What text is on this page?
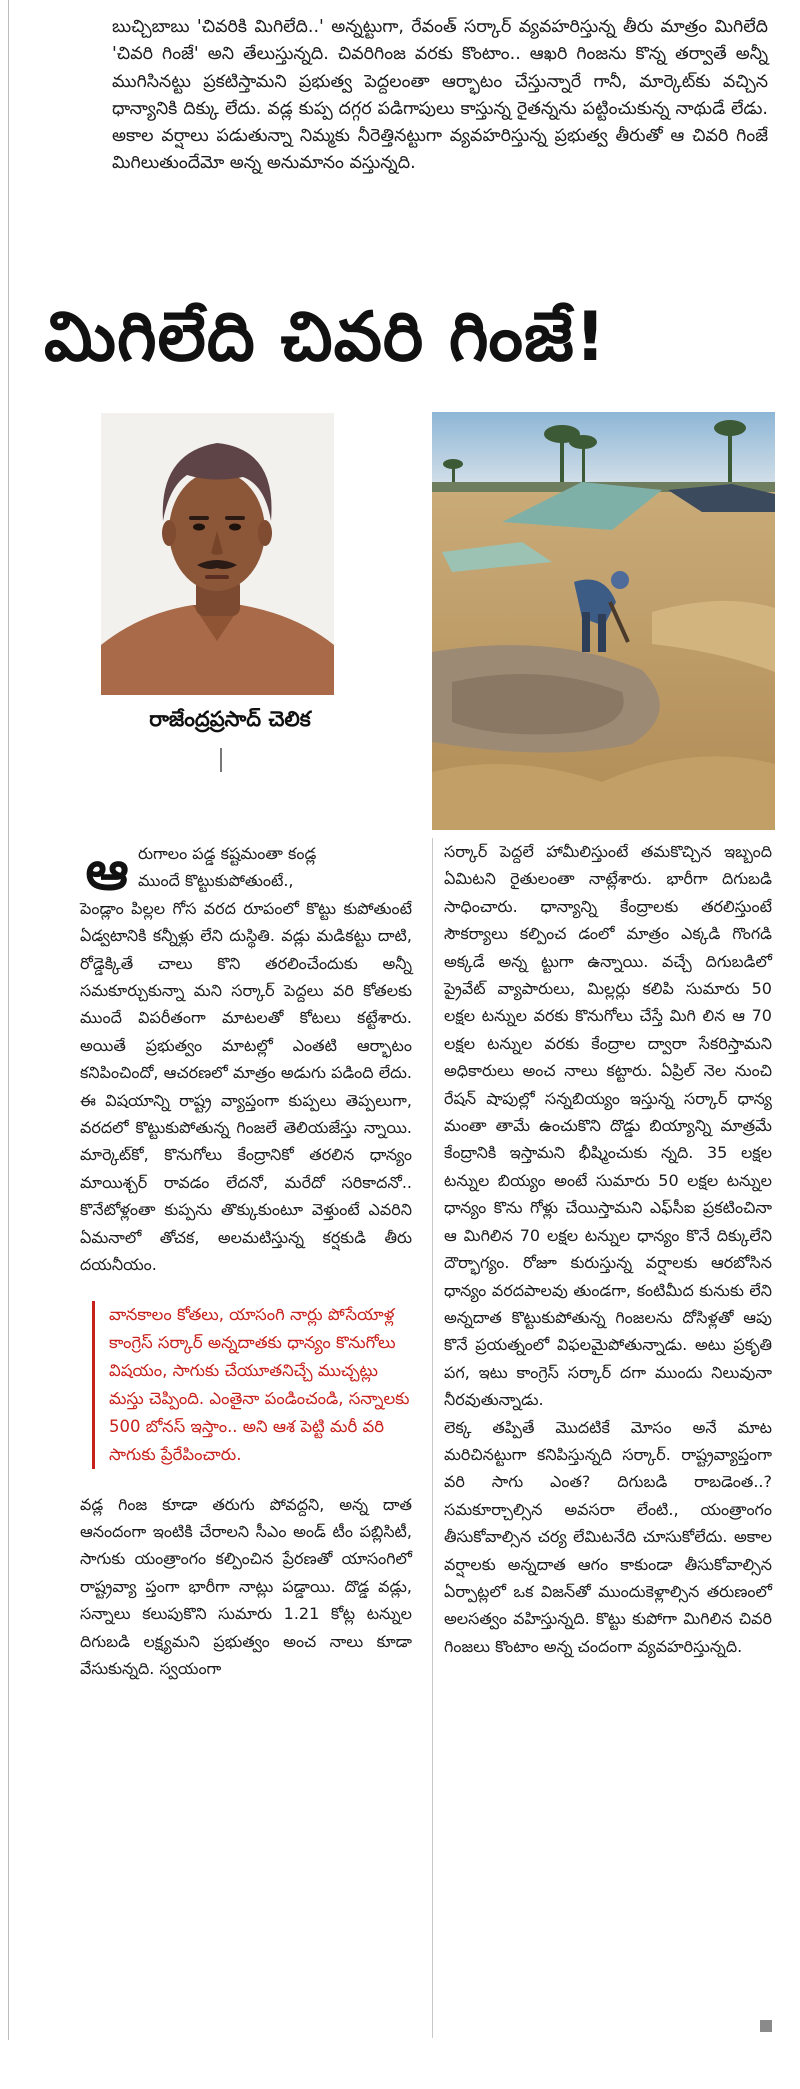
బుచ్చిబాబు 'చివరికి మిగిలేది..' అన్నట్టుగా, రేవంత్ సర్కార్ వ్యవహరిస్తున్న తీరు మాత్రం మిగిలేది 'చివరి గింజే' అని తేలుస్తున్నది. చివరిగింజ వరకు కొంటాం.. ఆఖరి గింజను కొన్న తర్వాతే అన్నీ ముగిసినట్టు ప్రకటిస్తామని ప్రభుత్వ పెద్దలంతా ఆర్భాటం చేస్తున్నారే గానీ, మార్కెట్‌కు వచ్చిన ధాన్యానికి దిక్కు లేదు. వడ్ల కుప్ప దగ్గర పడిగాపులు కాస్తున్న రైతన్నను పట్టించుకున్న నాథుడే లేడు. అకాల వర్షాలు పడుతున్నా నిమ్మకు నీరెత్తినట్టుగా వ్యవహరిస్తున్న ప్రభుత్వ తీరుతో ఆ చివరి గింజే మిగిలుతుందేమో అన్న అనుమానం వస్తున్నది.
మిగిలేది చివరి గింజే!
రాజేంద్రప్రసాద్ చెలిక
ఆ రుగాలం పడ్డ కష్టమంతా కండ్ల
ముందే కొట్టుకుపోతుంటే.,

పెండ్లాం పిల్లల గోస వరద రూపంలో కొట్టు కుపోతుంటే ఏడ్వటానికి కన్నీళ్లు లేని దుస్థితి. వడ్లు మడికట్టు దాటి, రోడ్డెక్కితే చాలు కొని తరలించేందుకు అన్నీ సమకూర్చుకున్నా మని సర్కార్ పెద్దలు వరి కోతలకు ముందే విపరీతంగా మాటలతో కోటలు కట్టేశారు. అయితే ప్రభుత్వం మాటల్లో ఎంతటి ఆర్భాటం కనిపించిందో, ఆచరణలో మాత్రం అడుగు పడింది లేదు. ఈ విషయాన్ని రాష్ట్ర వ్యాప్తంగా కుప్పలు తెప్పలుగా, వరదలో కొట్టుకుపోతున్న గింజలే తెలియజేస్తు న్నాయి. మార్కెట్‌కో, కొనుగోలు కేంద్రానికో తరలిన ధాన్యం మాయిశ్చర్ రావడం లేదనో, మరేదో సరికాదనో.. కొనేటోళ్లంతా కుప్పను తొక్కుకుంటూ వెళ్తుంటే ఎవరిని ఏమనాలో తోచక, అలమటిస్తున్న కర్షకుడి తీరు దయనీయం.

వానకాలం కోతలు, యాసంగి నార్లు పోసేయాళ్ల కాంగ్రెస్ సర్కార్ అన్నదాతకు ధాన్యం కొనుగోలు విషయం, సాగుకు చేయూతనిచ్చే ముచ్చట్లు మస్తు చెప్పింది. ఎంతైనా పండించండి, సన్నాలకు 500 బోనస్ ఇస్తాం.. అని ఆశ పెట్టి మరీ వరి సాగుకు ప్రేరేపించారు.

వడ్ల గింజ కూడా తరుగు పోవద్దని, అన్న దాత ఆనందంగా ఇంటికి చేరాలని సీఎం అండ్ టీం పబ్లిసిటీ, సాగుకు యంత్రాంగం కల్పించిన ప్రేరణతో యాసంగిలో రాష్ట్రవ్యా ప్తంగా భారీగా నాట్లు పడ్డాయి. దొడ్డ వడ్లు, సన్నాలు కలుపుకొని సుమారు 1.21 కోట్ల టన్నుల దిగుబడి లక్ష్యమని ప్రభుత్వం అంచ నాలు కూడా వేసుకున్నది. స్వయంగా

సర్కార్ పెద్దలే హామీలిస్తుంటే తమకొచ్చిన ఇబ్బంది ఏమిటని రైతులంతా నాట్లేశారు. భారీగా దిగుబడి సాధించారు. ధాన్యాన్ని కేంద్రాలకు తరలిస్తుంటే సౌకర్యాలు కల్పించ డంలో మాత్రం ఎక్కడి గొంగడి అక్కడే అన్న ట్టుగా ఉన్నాయి. వచ్చే దిగుబడిలో ప్రైవేట్ వ్యాపారులు, మిల్లర్లు కలిపి సుమారు 50 లక్షల టన్నుల వరకు కొనుగోలు చేస్తే మిగి లిన ఆ 70 లక్షల టన్నుల వరకు కేంద్రాల ద్వారా సేకరిస్తామని అధికారులు అంచ నాలు కట్టారు. ఏప్రిల్ నెల నుంచి రేషన్ షాపుల్లో సన్నబియ్యం ఇస్తున్న సర్కార్ ధాన్య మంతా తామే ఉంచుకొని దొడ్డు బియ్యాన్ని మాత్రమే కేంద్రానికి ఇస్తామని భీష్మించుకు న్నది. 35 లక్షల టన్నుల బియ్యం అంటే సుమారు 50 లక్షల టన్నుల ధాన్యం కొను గోళ్లు చేయిస్తామని ఎఫ్‌సీఐ ప్రకటించినా ఆ మిగిలిన 70 లక్షల టన్నుల ధాన్యం కొనే దిక్కులేని దౌర్భాగ్యం. రోజూ కురుస్తున్న వర్షాలకు ఆరబోసిన ధాన్యం వరదపాలవు తుండగా, కంటిమీద కునుకు లేని అన్నదాత కొట్టుకుపోతున్న గింజలను దోసిళ్లతో ఆపు కొనే ప్రయత్నంలో విఫలమైపోతున్నాడు. అటు ప్రకృతి పగ, ఇటు కాంగ్రెస్ సర్కార్ దగా ముందు నిలువునా నీరవుతున్నాడు.

లెక్క తప్పితే మొదటికే మోసం అనే మాట మరిచినట్టుగా కనిపిస్తున్నది సర్కార్. రాష్ట్రవ్యాప్తంగా వరి సాగు ఎంత? దిగుబడి రాబడెంత..? సమకూర్చాల్సిన అవసరా లేంటి., యంత్రాంగం తీసుకోవాల్సిన చర్య లేమిటనేది చూసుకోలేదు. అకాల వర్షాలకు అన్నదాత ఆగం కాకుండా తీసుకోవాల్సిన ఏర్పాట్లలో ఒక విజన్‌తో ముందుకెళ్లాల్సిన తరుణంలో అలసత్వం వహిస్తున్నది. కొట్టు కుపోగా మిగిలిన చివరి గింజలు కొంటాం అన్న చందంగా వ్యవహరిస్తున్నది.
